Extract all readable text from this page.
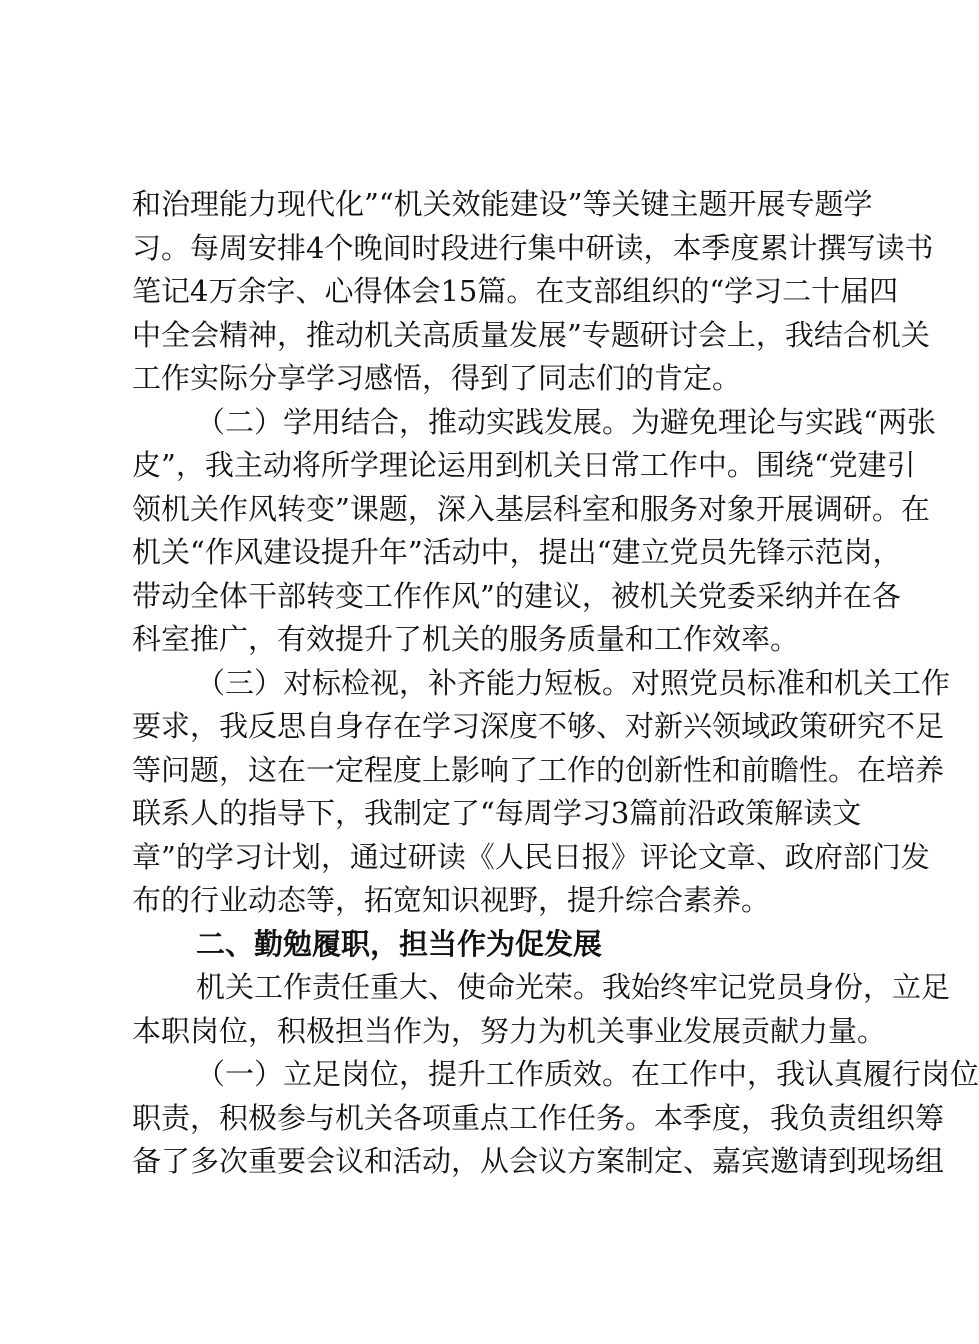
和治理能力现代化”“机关效能建设”等关键主题开展专题学
习。每周安排4个晚间时段进行集中研读，本季度累计撰写读书
笔记4万余字、心得体会15篇。在支部组织的“学习二十届四
中全会精神，推动机关高质量发展”专题研讨会上，我结合机关
工作实际分享学习感悟，得到了同志们的肯定。
（二）学用结合，推动实践发展。为避免理论与实践“两张
皮”，我主动将所学理论运用到机关日常工作中。围绕“党建引
领机关作风转变”课题，深入基层科室和服务对象开展调研。在
机关“作风建设提升年”活动中，提出“建立党员先锋示范岗，
带动全体干部转变工作作风”的建议，被机关党委采纳并在各
科室推广，有效提升了机关的服务质量和工作效率。
（三）对标检视，补齐能力短板。对照党员标准和机关工作
要求，我反思自身存在学习深度不够、对新兴领域政策研究不足
等问题，这在一定程度上影响了工作的创新性和前瞻性。在培养
联系人的指导下，我制定了“每周学习3篇前沿政策解读文
章”的学习计划，通过研读《人民日报》评论文章、政府部门发
布的行业动态等，拓宽知识视野，提升综合素养。
二、勤勉履职，担当作为促发展
机关工作责任重大、使命光荣。我始终牢记党员身份，立足
本职岗位，积极担当作为，努力为机关事业发展贡献力量。
（一）立足岗位，提升工作质效。在工作中，我认真履行岗位
职责，积极参与机关各项重点工作任务。本季度，我负责组织筹
备了多次重要会议和活动，从会议方案制定、嘉宾邀请到现场组
